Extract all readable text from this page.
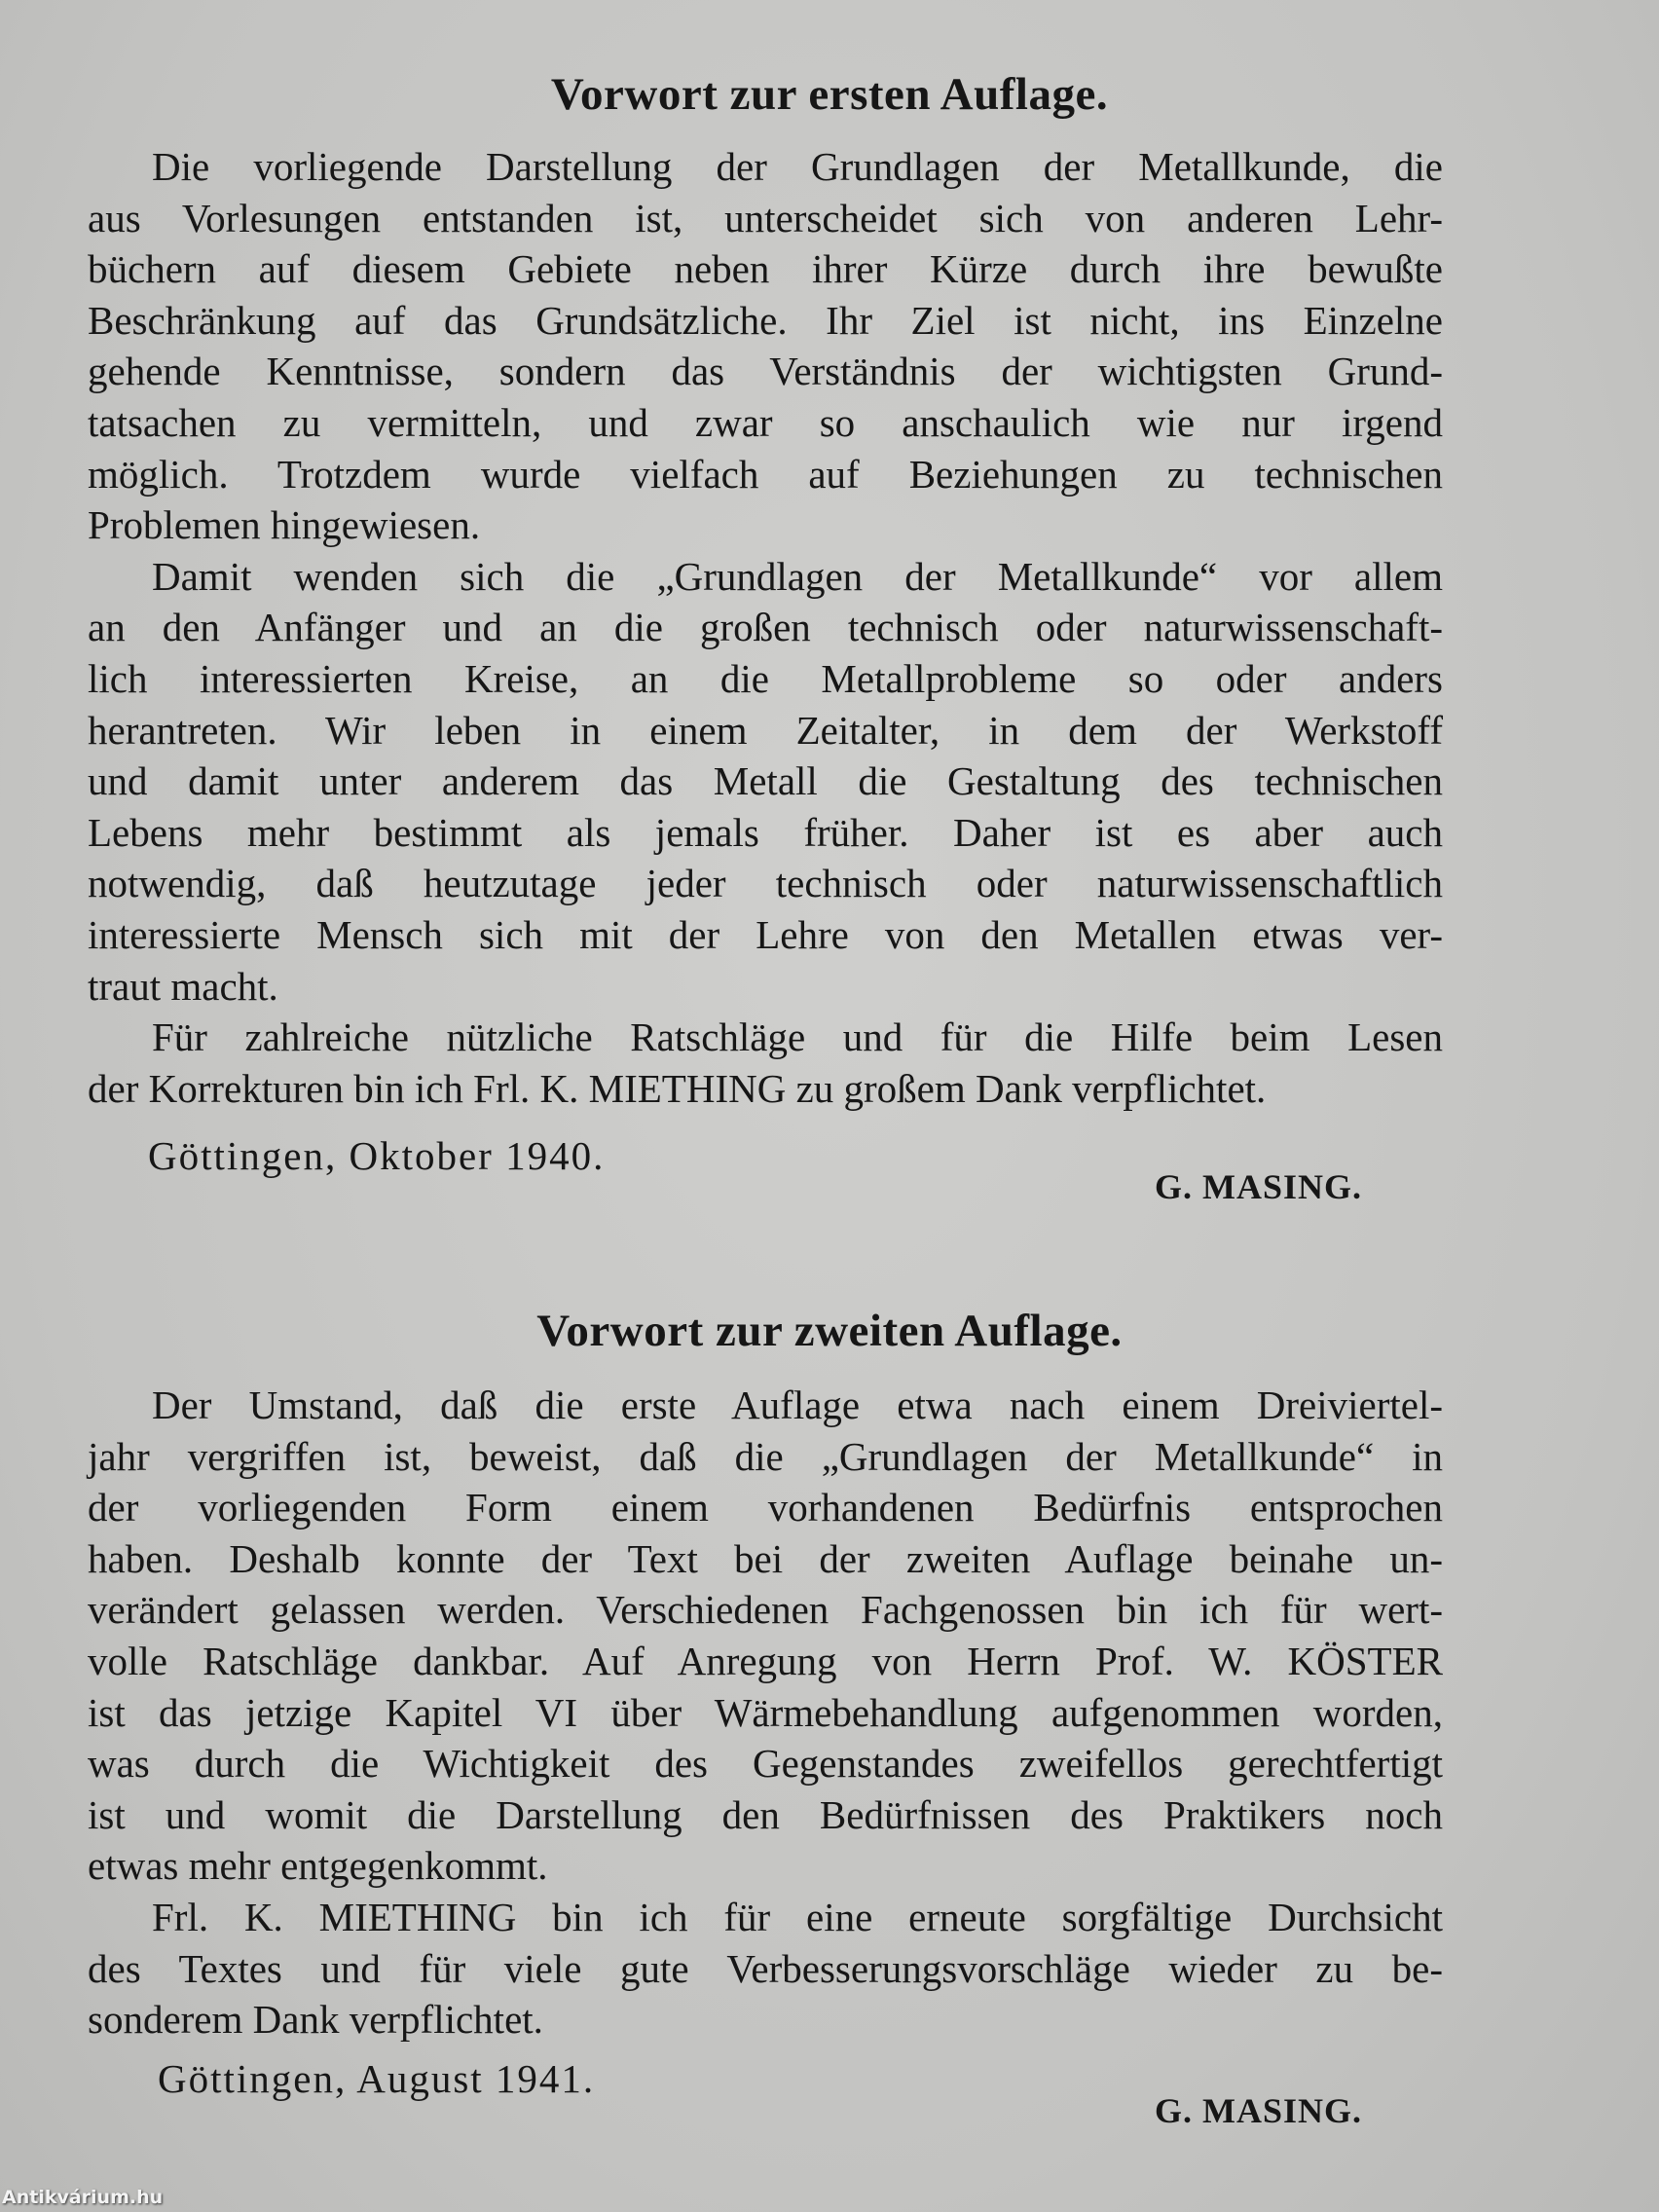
Vorwort zur ersten Auflage.
Die vorliegende Darstellung der Grundlagen der Metallkunde, die
aus Vorlesungen entstanden ist, unterscheidet sich von anderen Lehr-
büchern auf diesem Gebiete neben ihrer Kürze durch ihre bewußte
Beschränkung auf das Grundsätzliche. Ihr Ziel ist nicht, ins Einzelne
gehende Kenntnisse, sondern das Verständnis der wichtigsten Grund-
tatsachen zu vermitteln, und zwar so anschaulich wie nur irgend
möglich. Trotzdem wurde vielfach auf Beziehungen zu technischen
Problemen hingewiesen.
Damit wenden sich die „Grundlagen der Metallkunde“ vor allem
an den Anfänger und an die großen technisch oder naturwissenschaft-
lich interessierten Kreise, an die Metallprobleme so oder anders
herantreten. Wir leben in einem Zeitalter, in dem der Werkstoff
und damit unter anderem das Metall die Gestaltung des technischen
Lebens mehr bestimmt als jemals früher. Daher ist es aber auch
notwendig, daß heutzutage jeder technisch oder naturwissenschaftlich
interessierte Mensch sich mit der Lehre von den Metallen etwas ver-
traut macht.
Für zahlreiche nützliche Ratschläge und für die Hilfe beim Lesen
der Korrekturen bin ich Frl. K. MIETHING zu großem Dank verpflichtet.
Göttingen, Oktober 1940.
G. MASING.
Vorwort zur zweiten Auflage.
Der Umstand, daß die erste Auflage etwa nach einem Dreiviertel-
jahr vergriffen ist, beweist, daß die „Grundlagen der Metallkunde“ in
der vorliegenden Form einem vorhandenen Bedürfnis entsprochen
haben. Deshalb konnte der Text bei der zweiten Auflage beinahe un-
verändert gelassen werden. Verschiedenen Fachgenossen bin ich für wert-
volle Ratschläge dankbar. Auf Anregung von Herrn Prof. W. KÖSTER
ist das jetzige Kapitel VI über Wärmebehandlung aufgenommen worden,
was durch die Wichtigkeit des Gegenstandes zweifellos gerechtfertigt
ist und womit die Darstellung den Bedürfnissen des Praktikers noch
etwas mehr entgegenkommt.
Frl. K. MIETHING bin ich für eine erneute sorgfältige Durchsicht
des Textes und für viele gute Verbesserungsvorschläge wieder zu be-
sonderem Dank verpflichtet.
Göttingen, August 1941.
G. MASING.
Antikvárium.hu
